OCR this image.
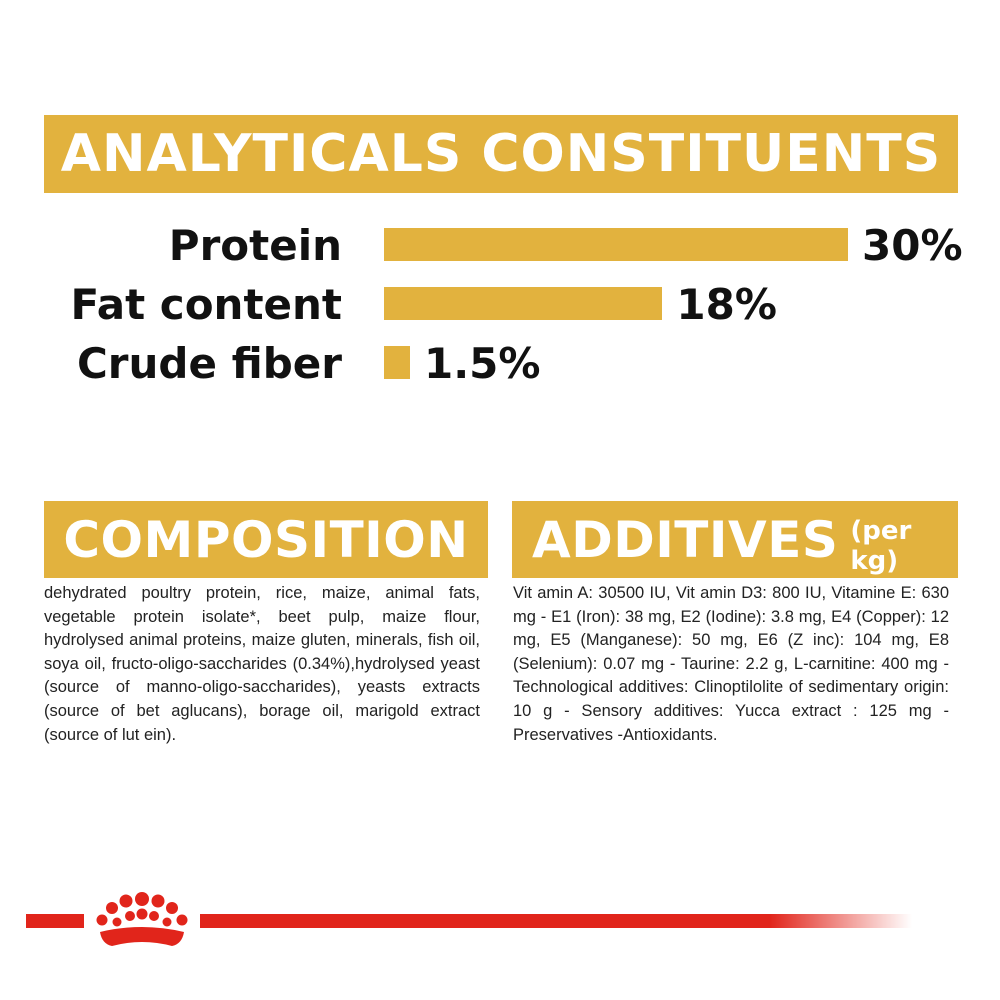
ANALYTICALS CONSTITUENTS
Protein	30%
Fat content	18%
Crude fiber 1.5%
COMPOSITION ADDITIVES (per kg)
dehydrated poultry protein, rice, maize, animal fats, vegetable protein isolate*, beet pulp, maize flour, hydrolysed animal proteins, maize gluten, minerals, fish oil, soya oil, fructo-oligo-saccharides (0.34%),hydrolysed yeast (source of manno-oligo-saccharides), yeasts extracts (source of bet aglucans), borage oil, marigold extract (source of lut ein).
Vit amin A: 30500 IU, Vit amin D3: 800 IU, Vitamine E: 630 mg - E1 (Iron): 38 mg, E2 (Iodine): 3.8 mg, E4 (Copper): 12 mg, E5 (Manganese): 50 mg, E6 (Z inc): 104 mg, E8 (Selenium): 0.07 mg - Taurine: 2.2 g, L-carnitine: 400 mg - Technological additives: Clinoptilolite of sedimentary origin: 10 g - Sensory additives: Yucca extract : 125 mg - Preservatives -Antioxidants.
